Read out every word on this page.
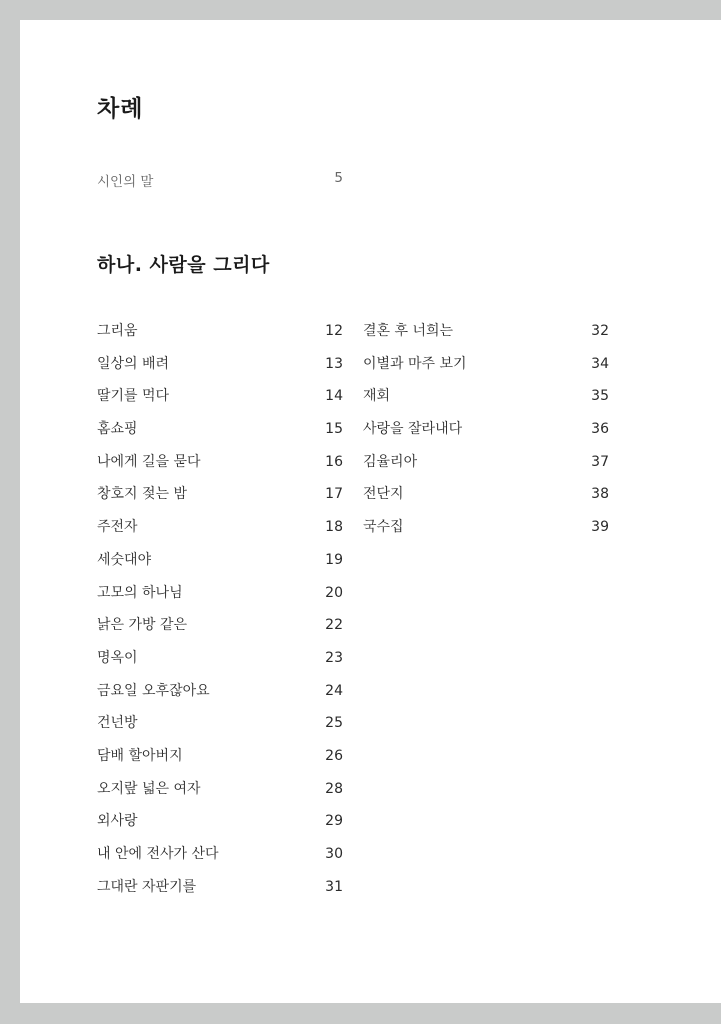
차례
시인의 말	5
하나. 사람을 그리다
그리움	12
일상의 배려	13
딸기를 먹다	14
홈쇼핑	15
나에게 길을 묻다	16
창호지 젖는 밤	17
주전자	18
세숫대야	19
고모의 하나님	20
낡은 가방 같은	22
명옥이	23
금요일 오후잖아요	24
건넌방	25
담배 할아버지	26
오지랖 넓은 여자	28
외사랑	29
내 안에 전사가 산다	30
그대란 자판기를	31
결혼 후 너희는	32
이별과 마주 보기	34
재회	35
사랑을 잘라내다	36
김율리아	37
전단지	38
국수집	39
